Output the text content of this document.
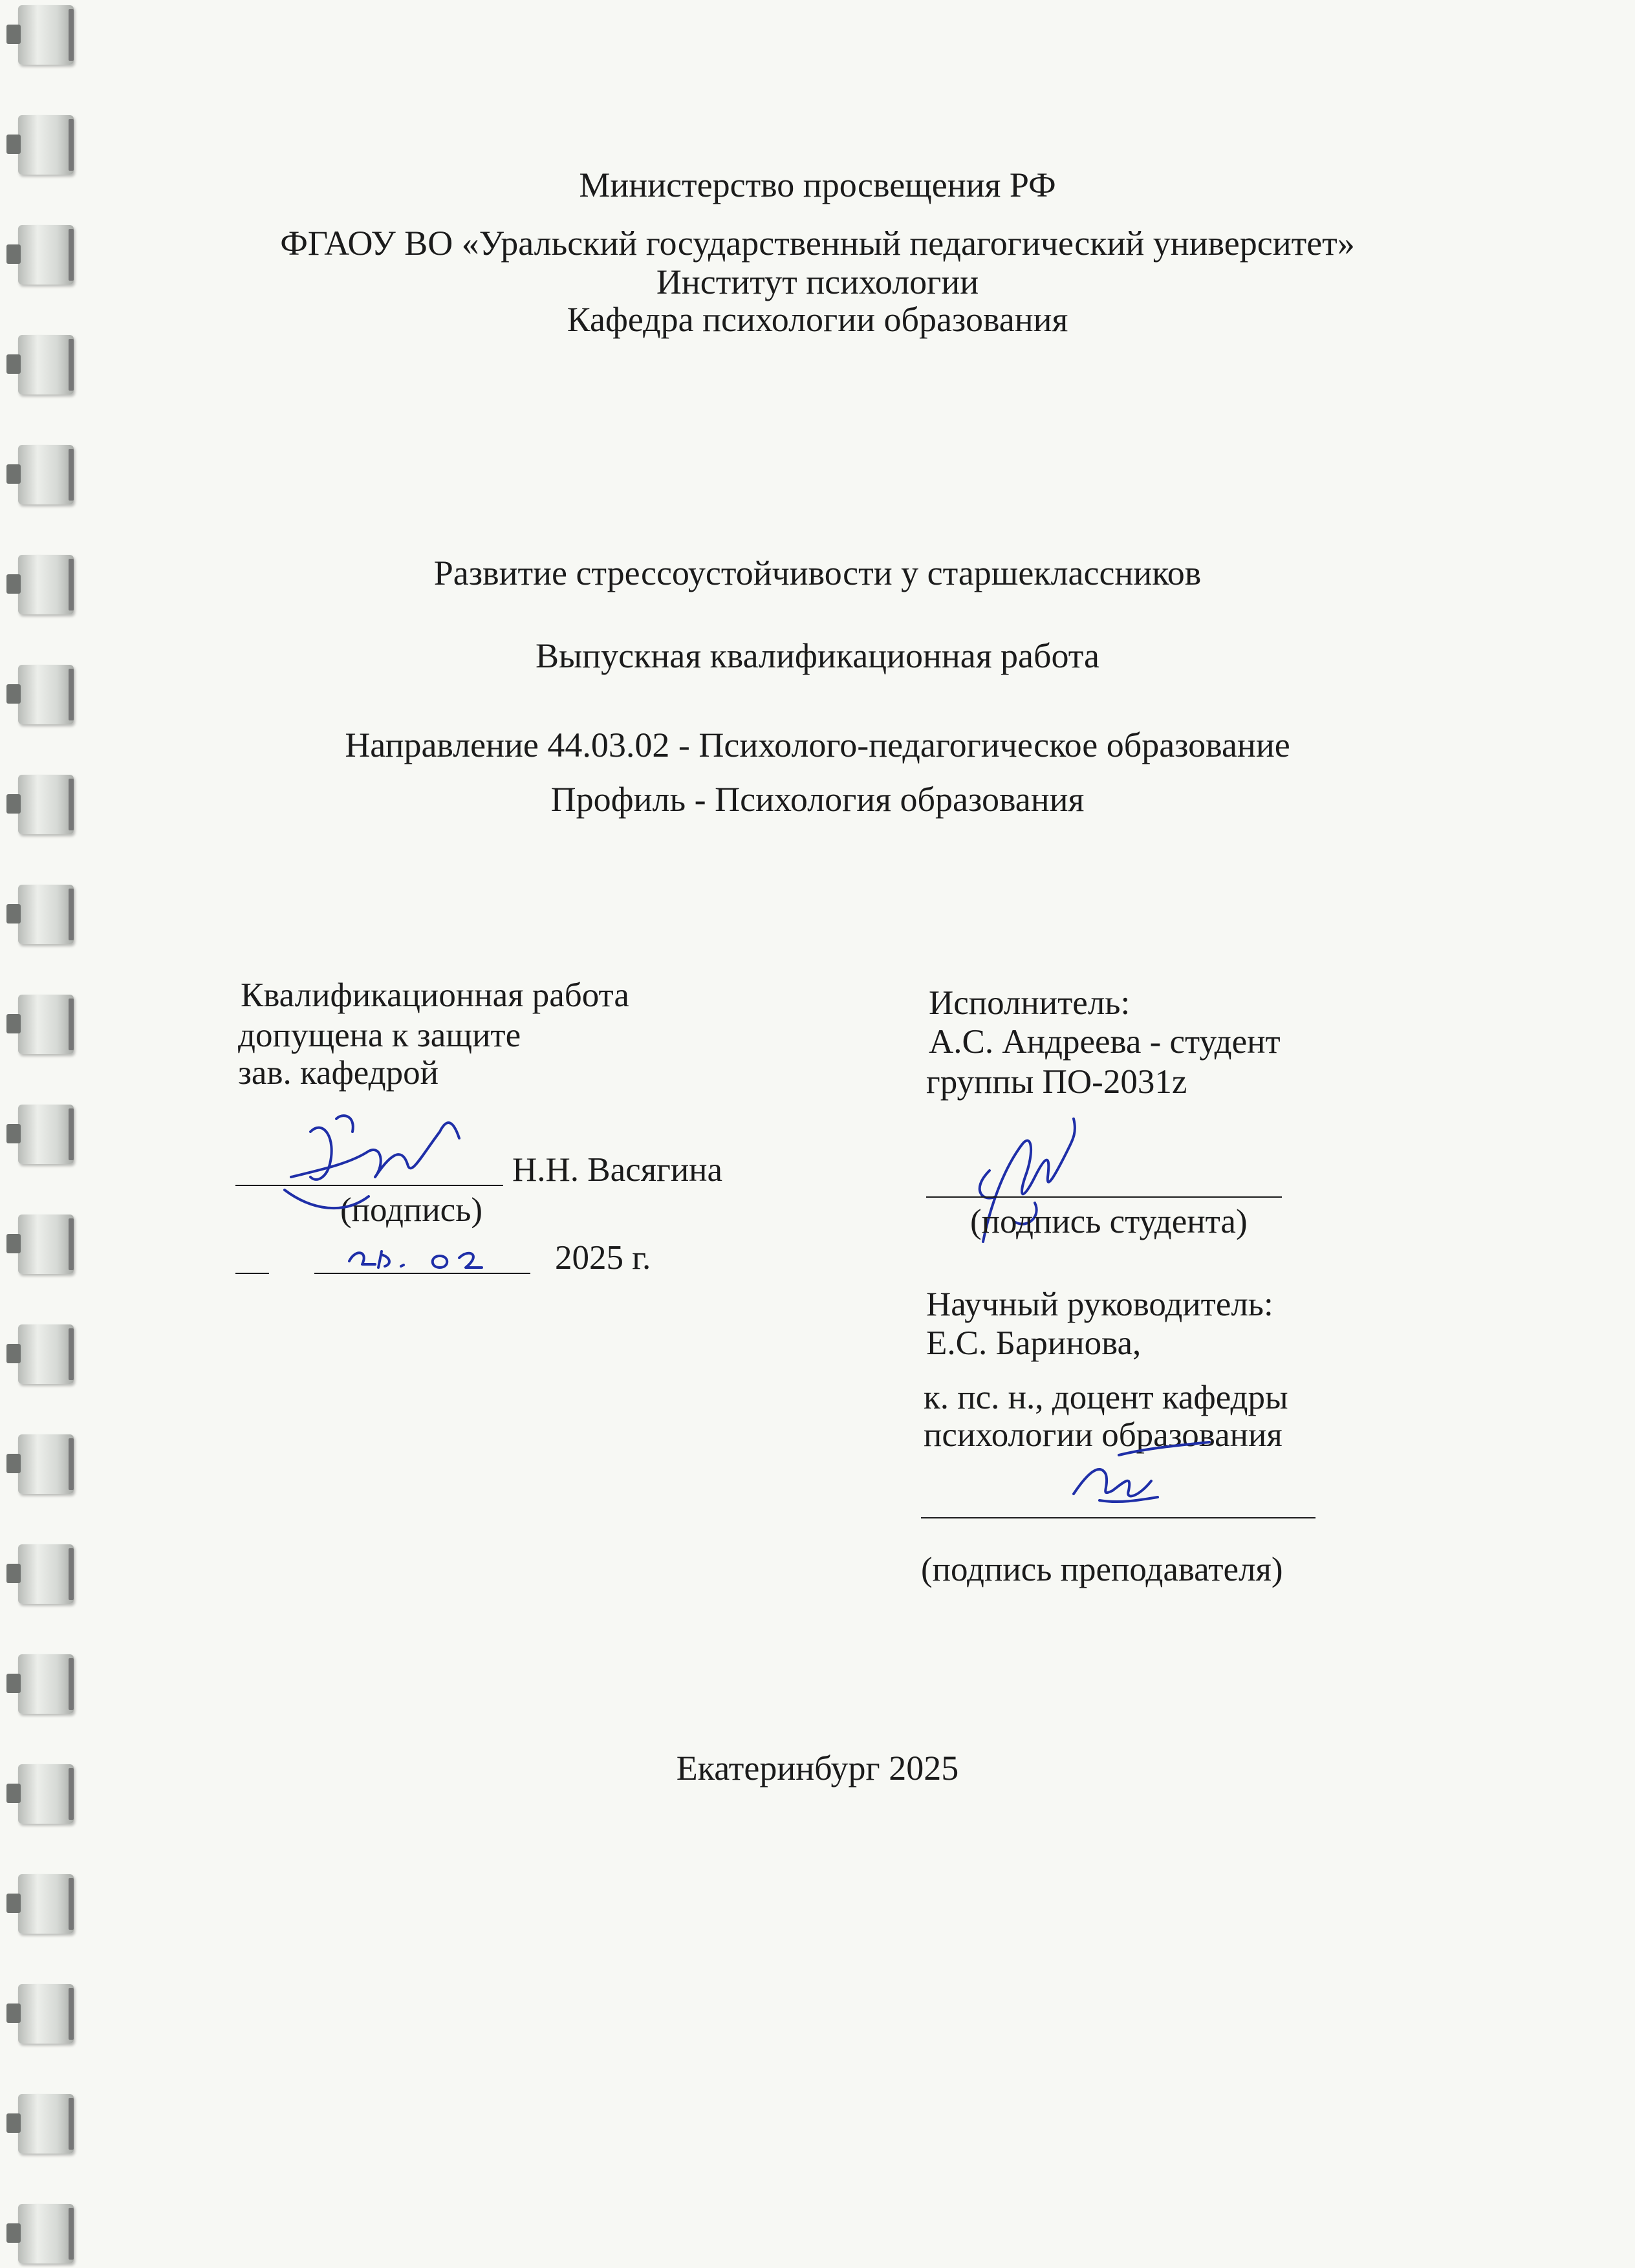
Министерство просвещения РФ
ФГАОУ ВО «Уральский государственный педагогический университет»
Институт психологии
Кафедра психологии образования
Развитие стрессоустойчивости у старшеклассников
Выпускная квалификационная работа
Направление 44.03.02 - Психолого-педагогическое образование
Профиль - Психология образования
Квалификационная работа
допущена к защите
зав. кафедрой
Н.Н. Васягина
(подпись)
2025 г.
Исполнитель:
А.С. Андреева - студент
группы ПО-2031z
(подпись студента)
Научный руководитель:
Е.С. Баринова,
к. пс. н., доцент кафедры
психологии образования
(подпись преподавателя)
Екатеринбург 2025
